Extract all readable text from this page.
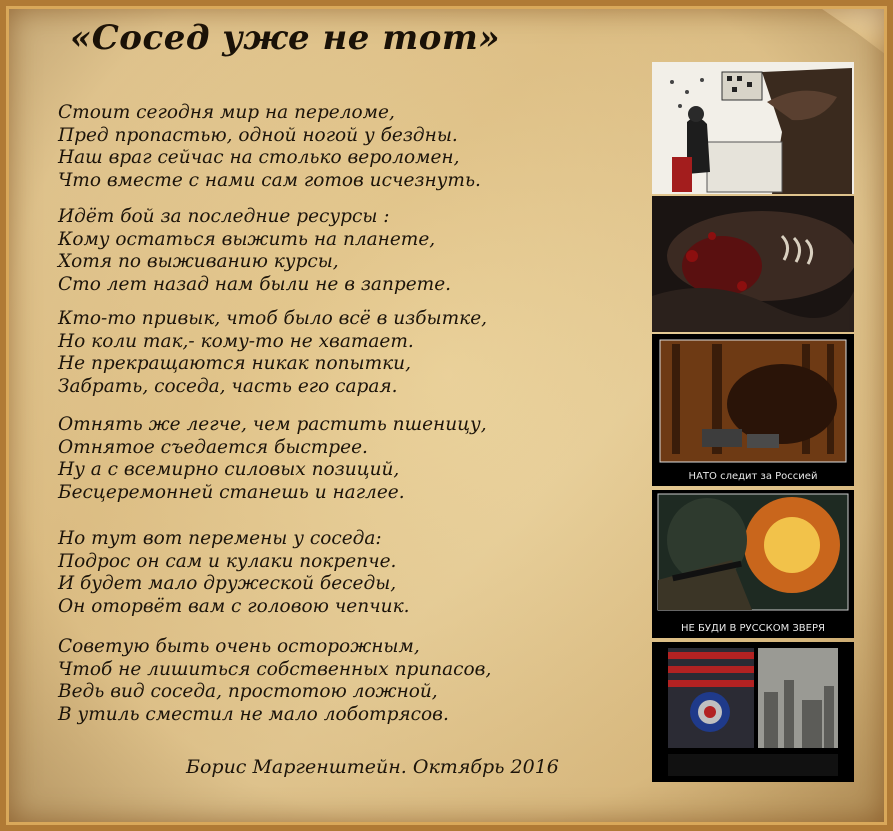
«Сосед уже не тот»
Стоит сегодня мир на переломе,
Пред пропастью, одной ногой у бездны.
Наш враг сейчас на столько вероломен,
Что вместе с нами сам готов исчезнуть.
Идёт бой за последние ресурсы :
Кому остаться выжить на планете,
Хотя по выживанию курсы,
Сто лет назад нам были не в запрете.
Кто-то привык, чтоб было всё в избытке,
Но коли так,- кому-то не хватает.
Не прекращаются никак попытки,
Забрать, соседа, часть его сарая.
Отнять же легче, чем растить пшеницу,
Отнятое съедается быстрее.
Ну а с всемирно силовых позиций,
Бесцеремонней станешь и наглее.
Но тут вот перемены у соседа:
Подрос он сам и кулаки покрепче.
И будет мало дружеской беседы,
Он оторвёт вам с головою чепчик.
Советую быть очень осторожным,
Чтоб не лишиться собственных припасов,
Ведь вид соседа, простотою ложной,
В утиль сместил не мало лоботрясов.
Борис Маргенштейн. Октябрь 2016
НАТО следит за Россией
НЕ БУДИ В РУССКОМ ЗВЕРЯ
